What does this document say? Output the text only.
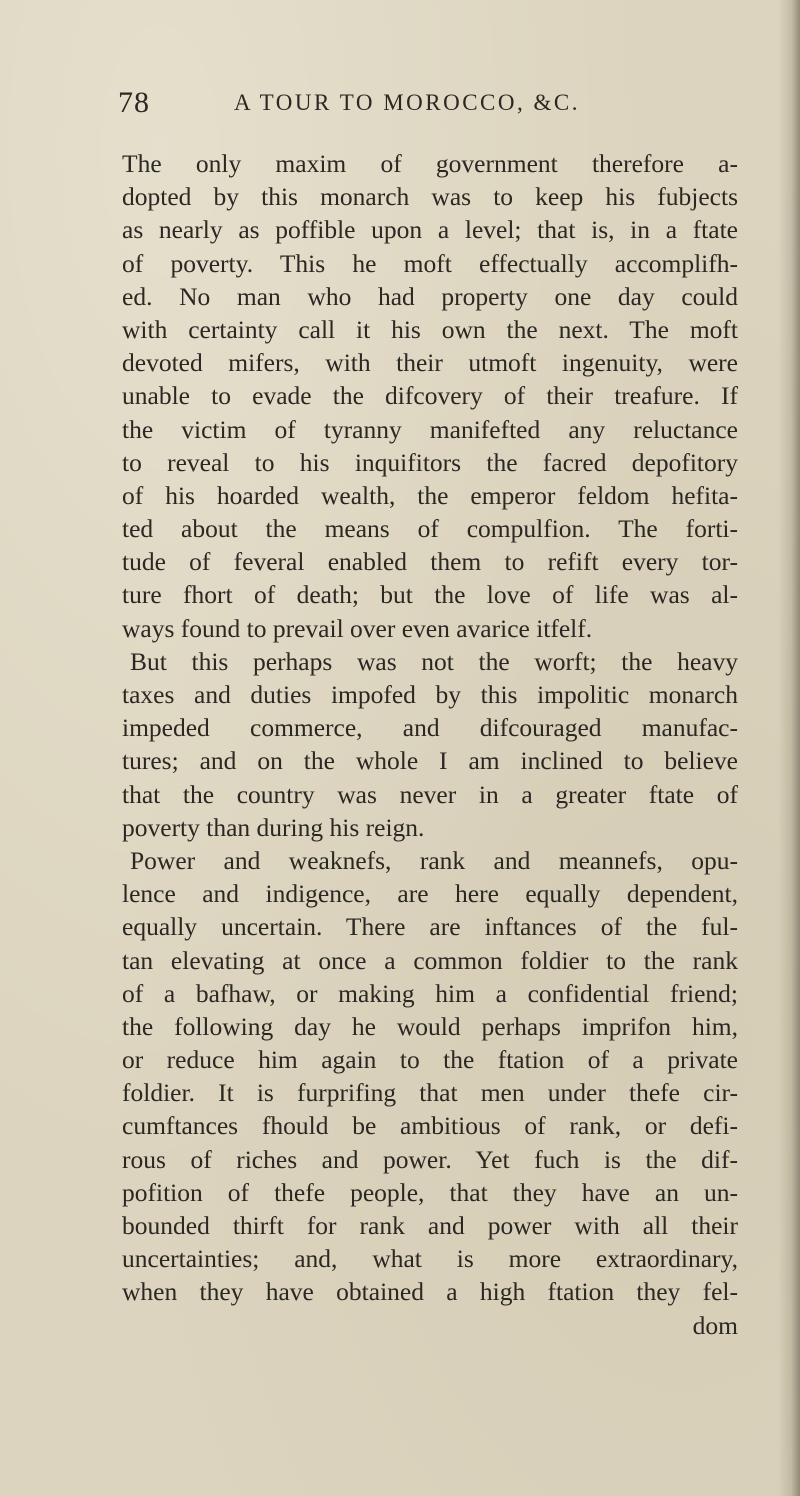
78	A TOUR TO MOROCCO, &C.
The only maxim of government therefore a-
dopted by this monarch was to keep his fubjects
as nearly as poffible upon a level; that is, in a ftate
of poverty. This he moft effectually accomplifh-
ed. No man who had property one day could
with certainty call it his own the next. The moft
devoted mifers, with their utmoft ingenuity, were
unable to evade the difcovery of their treafure. If
the victim of tyranny manifefted any reluctance
to reveal to his inquifitors the facred depofitory
of his hoarded wealth, the emperor feldom hefita-
ted about the means of compulfion. The forti-
tude of feveral enabled them to refift every tor-
ture fhort of death; but the love of life was al-
ways found to prevail over even avarice itfelf.
But this perhaps was not the worft; the heavy
taxes and duties impofed by this impolitic monarch
impeded commerce, and difcouraged manufac-
tures; and on the whole I am inclined to believe
that the country was never in a greater ftate of
poverty than during his reign.
Power and weaknefs, rank and meannefs, opu-
lence and indigence, are here equally dependent,
equally uncertain. There are inftances of the ful-
tan elevating at once a common foldier to the rank
of a bafhaw, or making him a confidential friend;
the following day he would perhaps imprifon him,
or reduce him again to the ftation of a private
foldier. It is furprifing that men under thefe cir-
cumftances fhould be ambitious of rank, or defi-
rous of riches and power. Yet fuch is the dif-
pofition of thefe people, that they have an un-
bounded thirft for rank and power with all their
uncertainties; and, what is more extraordinary,
when they have obtained a high ftation they fel-
dom
